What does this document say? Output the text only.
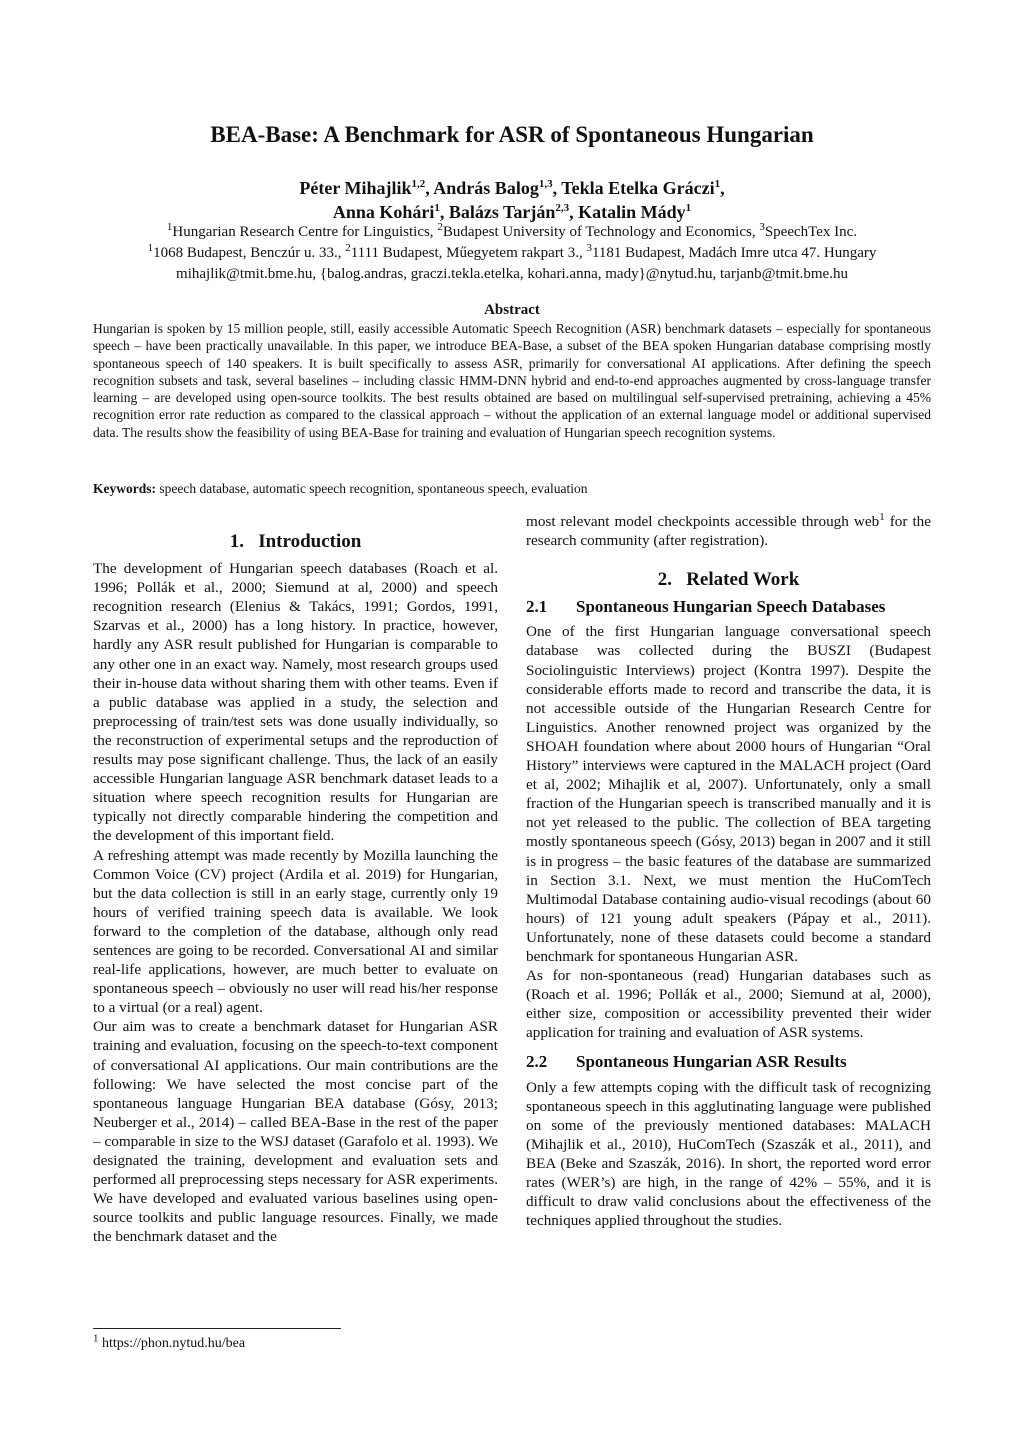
BEA-Base: A Benchmark for ASR of Spontaneous Hungarian
Péter Mihajlik$^{1,2}$, András Balog$^{1,3}$, Tekla Etelka Gráczi$^1$,
Anna Kohári$^1$, Balázs Tarján$^{2,3}$, Katalin Mády$^1$
$^1$Hungarian Research Centre for Linguistics, $^2$Budapest University of Technology and Economics, $^3$SpeechTex Inc.
$^1$1068 Budapest, Benczúr u. 33., $^2$1111 Budapest, Műegyetem rakpart 3., $^3$1181 Budapest, Madách Imre utca 47. Hungary
mihajlik@tmit.bme.hu, {balog.andras, graczi.tekla.etelka, kohari.anna, mady}@nytud.hu, tarjanb@tmit.bme.hu
Abstract

Hungarian is spoken by 15 million people, still, easily accessible Automatic Speech Recognition (ASR) benchmark datasets – especially for spontaneous speech – have been practically unavailable. In this paper, we introduce BEA-Base, a subset of the BEA spoken Hungarian database comprising mostly spontaneous speech of 140 speakers. It is built specifically to assess ASR, primarily for conversational AI applications. After defining the speech recognition subsets and task, several baselines – including classic HMM-DNN hybrid and end-to-end approaches augmented by cross-language transfer learning – are developed using open-source toolkits. The best results obtained are based on multilingual self-supervised pretraining, achieving a 45% recognition error rate reduction as compared to the classical approach – without the application of an external language model or additional supervised data. The results show the feasibility of using BEA-Base for training and evaluation of Hungarian speech recognition systems.

Keywords: speech database, automatic speech recognition, spontaneous speech, evaluation

1.   Introduction

The development of Hungarian speech databases (Roach et al. 1996; Pollák et al., 2000; Siemund at al, 2000) and speech recognition research (Elenius & Takács, 1991; Gordos, 1991, Szarvas et al., 2000) has a long history. In practice, however, hardly any ASR result published for Hungarian is comparable to any other one in an exact way. Namely, most research groups used their in-house data without sharing them with other teams. Even if a public database was applied in a study, the selection and preprocessing of train/test sets was done usually individually, so the reconstruction of experimental setups and the reproduction of results may pose significant challenge. Thus, the lack of an easily accessible Hungarian language ASR benchmark dataset leads to a situation where speech recognition results for Hungarian are typically not directly comparable hindering the competition and the development of this important field.

A refreshing attempt was made recently by Mozilla launching the Common Voice (CV) project (Ardila et al. 2019) for Hungarian, but the data collection is still in an early stage, currently only 19 hours of verified training speech data is available. We look forward to the completion of the database, although only read sentences are going to be recorded. Conversational AI and similar real-life applications, however, are much better to evaluate on spontaneous speech – obviously no user will read his/her response to a virtual (or a real) agent.

Our aim was to create a benchmark dataset for Hungarian ASR training and evaluation, focusing on the speech-to-text component of conversational AI applications. Our main contributions are the following: We have selected the most concise part of the spontaneous language Hungarian BEA database (Gósy, 2013; Neuberger et al., 2014) – called BEA-Base in the rest of the paper – comparable in size to the WSJ dataset (Garafolo et al. 1993). We designated the training, development and evaluation sets and performed all preprocessing steps necessary for ASR experiments. We have developed and evaluated various baselines using open-source toolkits and public language resources. Finally, we made the benchmark dataset and the

most relevant model checkpoints accessible through web$^1$ for the research community (after registration).

2.   Related Work
2.1 Spontaneous Hungarian Speech Databases

One of the first Hungarian language conversational speech database was collected during the BUSZI (Budapest Sociolinguistic Interviews) project (Kontra 1997). Despite the considerable efforts made to record and transcribe the data, it is not accessible outside of the Hungarian Research Centre for Linguistics. Another renowned project was organized by the SHOAH foundation where about 2000 hours of Hungarian “Oral History” interviews were captured in the MALACH project (Oard et al, 2002; Mihajlik et al, 2007). Unfortunately, only a small fraction of the Hungarian speech is transcribed manually and it is not yet released to the public. The collection of BEA targeting mostly spontaneous speech (Gósy, 2013) began in 2007 and it still is in progress – the basic features of the database are summarized in Section 3.1. Next, we must mention the HuComTech Multimodal Database containing audio-visual recodings (about 60 hours) of 121 young adult speakers (Pápay et al., 2011). Unfortunately, none of these datasets could become a standard benchmark for spontaneous Hungarian ASR.

As for non-spontaneous (read) Hungarian databases such as (Roach et al. 1996; Pollák et al., 2000; Siemund at al, 2000), either size, composition or accessibility prevented their wider application for training and evaluation of ASR systems.

2.2 Spontaneous Hungarian ASR Results

Only a few attempts coping with the difficult task of recognizing spontaneous speech in this agglutinating language were published on some of the previously mentioned databases: MALACH (Mihajlik et al., 2010), HuComTech (Szaszák et al., 2011), and BEA (Beke and Szaszák, 2016). In short, the reported word error rates (WER’s) are high, in the range of 42% – 55%, and it is difficult to draw valid conclusions about the effectiveness of the techniques applied throughout the studies.

$^1$ https://phon.nytud.hu/bea
